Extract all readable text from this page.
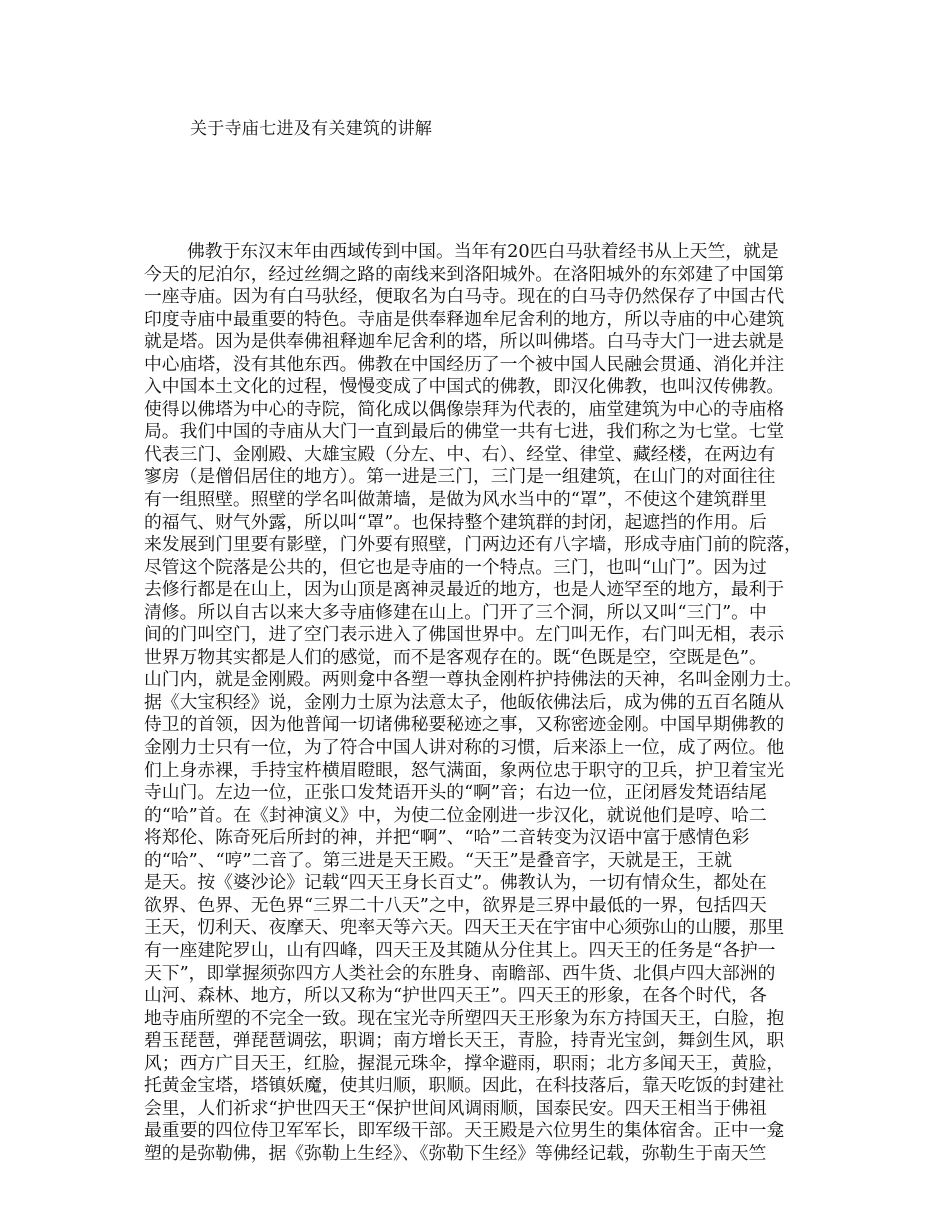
关于寺庙七进及有关建筑的讲解
佛教于东汉末年由西域传到中国。当年有20匹白马驮着经书从上天竺，就是
今天的尼泊尔，经过丝绸之路的南线来到洛阳城外。在洛阳城外的东郊建了中国第
一座寺庙。因为有白马驮经，便取名为白马寺。现在的白马寺仍然保存了中国古代
印度寺庙中最重要的特色。寺庙是供奉释迦牟尼舍利的地方，所以寺庙的中心建筑
就是塔。因为是供奉佛祖释迦牟尼舍利的塔，所以叫佛塔。白马寺大门一进去就是
中心庙塔，没有其他东西。佛教在中国经历了一个被中国人民融会贯通、消化并注
入中国本土文化的过程，慢慢变成了中国式的佛教，即汉化佛教，也叫汉传佛教。
使得以佛塔为中心的寺院，简化成以偶像崇拜为代表的，庙堂建筑为中心的寺庙格
局。我们中国的寺庙从大门一直到最后的佛堂一共有七进，我们称之为七堂。七堂
代表三门、金刚殿、大雄宝殿（分左、中、右）、经堂、律堂、藏经楼，在两边有
寥房（是僧侣居住的地方）。第一进是三门，三门是一组建筑，在山门的对面往往
有一组照壁。照壁的学名叫做萧墙，是做为风水当中的“罩”，不使这个建筑群里
的福气、财气外露，所以叫“罩”。也保持整个建筑群的封闭，起遮挡的作用。后
来发展到门里要有影壁，门外要有照壁，门两边还有八字墙，形成寺庙门前的院落，
尽管这个院落是公共的，但它也是寺庙的一个特点。三门，也叫“山门”。因为过
去修行都是在山上，因为山顶是离神灵最近的地方，也是人迹罕至的地方，最利于
清修。所以自古以来大多寺庙修建在山上。门开了三个洞，所以又叫“三门”。中
间的门叫空门，进了空门表示进入了佛国世界中。左门叫无作，右门叫无相，表示
世界万物其实都是人们的感觉，而不是客观存在的。既“色既是空，空既是色”。
山门内，就是金刚殿。两则龛中各塑一尊执金刚杵护持佛法的天神，名叫金刚力士。
据《大宝积经》说，金刚力士原为法意太子，他皈依佛法后，成为佛的五百名随从
侍卫的首领，因为他普闻一切诸佛秘要秘迹之事，又称密迹金刚。中国早期佛教的
金刚力士只有一位，为了符合中国人讲对称的习惯，后来添上一位，成了两位。他
们上身赤裸，手持宝杵横眉瞪眼，怒气满面，象两位忠于职守的卫兵，护卫着宝光
寺山门。左边一位，正张口发梵语开头的“啊”音；右边一位，正闭唇发梵语结尾
的“哈”首。在《封神演义》中，为使二位金刚进一步汉化，就说他们是哼、哈二
将郑伦、陈奇死后所封的神，并把“啊”、“哈”二音转变为汉语中富于感情色彩
的“哈”、“哼”二音了。第三进是天王殿。“天王”是叠音字，天就是王，王就
是天。按《婆沙论》记载“四天王身长百丈”。佛教认为，一切有情众生，都处在
欲界、色界、无色界“三界二十八天”之中，欲界是三界中最低的一界，包括四天
王天，忉利天、夜摩天、兜率天等六天。四天王天在宇宙中心须弥山的山腰，那里
有一座建陀罗山，山有四峰，四天王及其随从分住其上。四天王的任务是“各护一
天下”，即掌握须弥四方人类社会的东胜身、南瞻部、西牛货、北俱卢四大部洲的
山河、森林、地方，所以又称为“护世四天王”。四天王的形象，在各个时代，各
地寺庙所塑的不完全一致。现在宝光寺所塑四天王形象为东方持国天王，白脸，抱
碧玉琵琶，弹琵琶调弦，职调；南方增长天王，青脸，持青光宝剑，舞剑生风，职
风；西方广目天王，红脸，握混元珠伞，撑伞避雨，职雨；北方多闻天王，黄脸，
托黄金宝塔，塔镇妖魔，使其归顺，职顺。因此，在科技落后，靠天吃饭的封建社
会里，人们祈求“护世四天王“保护世间风调雨顺，国泰民安。四天王相当于佛祖
最重要的四位侍卫军军长，即军级干部。天王殿是六位男生的集体宿舍。正中一龛
塑的是弥勒佛，据《弥勒上生经》、《弥勒下生经》等佛经记载，弥勒生于南天竺
